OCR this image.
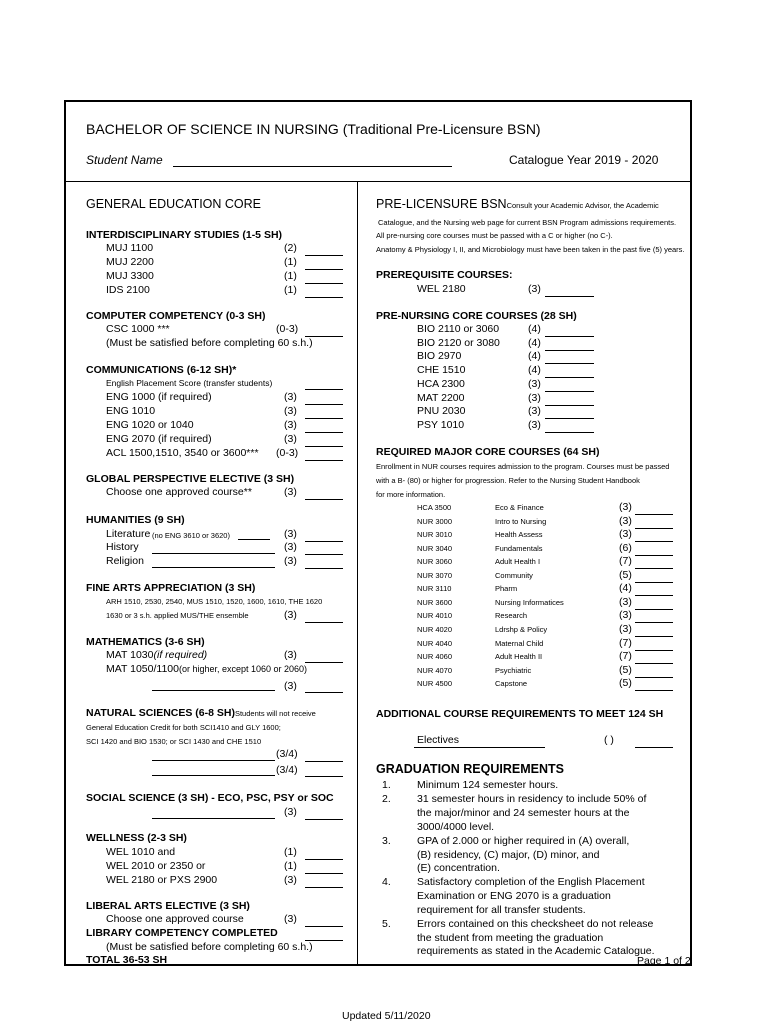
BACHELOR OF SCIENCE IN NURSING (Traditional Pre-Licensure BSN)
Student Name	Catalogue Year 2019 - 2020
GENERAL EDUCATION CORE
INTERDISCIPLINARY STUDIES (1-5 SH)
MUJ 1100	(2)
MUJ 2200	(1)
MUJ 3300	(1)
IDS 2100	(1)
COMPUTER COMPETENCY (0-3 SH)
CSC 1000 ***	(0-3)
(Must be satisfied before completing 60 s.h.)
COMMUNICATIONS (6-12 SH)*
English Placement Score (transfer students)
ENG 1000 (if required)	(3)
ENG 1010	(3)
ENG 1020 or 1040	(3)
ENG 2070 (if required)	(3)
ACL 1500,1510, 3540 or 3600*** (0-3)
GLOBAL PERSPECTIVE ELECTIVE (3 SH)
Choose one approved course**	(3)
HUMANITIES (9 SH)
Literature (no ENG 3610 or 3620)	(3)
History	(3)
Religion	(3)
FINE ARTS APPRECIATION (3 SH)
ARH 1510, 2530, 2540, MUS 1510, 1520, 1600, 1610, THE 1620
1630 or 3 s.h. applied MUS/THE ensemble	(3)
MATHEMATICS (3-6 SH)
MAT 1030(if required)	(3)
MAT 1050/1100(or higher, except 1060 or 2060)
(3)
NATURAL SCIENCES (6-8 SH)Students will not receive
General Education Credit for both SCI1410 and GLY 1600;
SCI 1420 and BIO 1530; or SCI 1430 and CHE 1510
(3/4)
(3/4)
SOCIAL SCIENCE (3 SH) - ECO, PSC, PSY or SOC
(3)
WELLNESS (2-3 SH)
WEL 1010 and	(1)
WEL 2010 or 2350 or	(1)
WEL 2180 or PXS 2900	(3)
LIBERAL ARTS ELECTIVE (3 SH)
Choose one approved course	(3)
LIBRARY COMPETENCY COMPLETED
(Must be satisfied before completing 60 s.h.)
TOTAL 36-53 SH
PRE-LICENSURE BSNConsult your Academic Advisor, the Academic
Catalogue, and the Nursing web page for current BSN Program admissions requirements.
All pre-nursing core courses must be passed with a C or higher (no C-).
Anatomy & Physiology I, II, and Microbiology must have been taken in the past five (5) years.
PREREQUISITE COURSES:
WEL 2180	(3)
PRE-NURSING CORE COURSES (28 SH)
BIO 2110 or 3060	(4)
BIO 2120 or 3080	(4)
BIO 2970	(4)
CHE 1510	(4)
HCA 2300	(3)
MAT 2200	(3)
PNU 2030	(3)
PSY 1010	(3)
REQUIRED MAJOR CORE COURSES (64 SH)
Enrollment in NUR courses requires admission to the program. Courses must be passed
with a B- (80) or higher for progression. Refer to the Nursing Student Handbook
for more information.
HCA 3500	Eco & Finance	(3)
NUR 3000	Intro to Nursing	(3)
NUR 3010	Health Assess	(3)
NUR 3040	Fundamentals	(6)
NUR 3060	Adult Health I	(7)
NUR 3070	Community	(5)
NUR 3110	Pharm	(4)
NUR 3600	Nursing Informatices	(3)
NUR 4010	Research	(3)
NUR 4020	Ldrshp & Policy	(3)
NUR 4040	Maternal Child	(7)
NUR 4060	Adult Health II	(7)
NUR 4070	Psychiatric	(5)
NUR 4500	Capstone	(5)
ADDITIONAL COURSE REQUIREMENTS TO MEET 124 SH
Electives	( )
GRADUATION REQUIREMENTS
1. Minimum 124 semester hours.
2. 31 semester hours in residency to include 50% of
the major/minor and 24 semester hours at the
3000/4000 level.
3. GPA of 2.000 or higher required in (A) overall,
(B) residency, (C) major, (D) minor, and
(E) concentration.
4. Satisfactory completion of the English Placement
Examination or ENG 2070 is a graduation
requirement for all transfer students.
5. Errors contained on this checksheet do not release
the student from meeting the graduation
requirements as stated in the Academic Catalogue.
Page 1 of 2
Updated 5/11/2020
